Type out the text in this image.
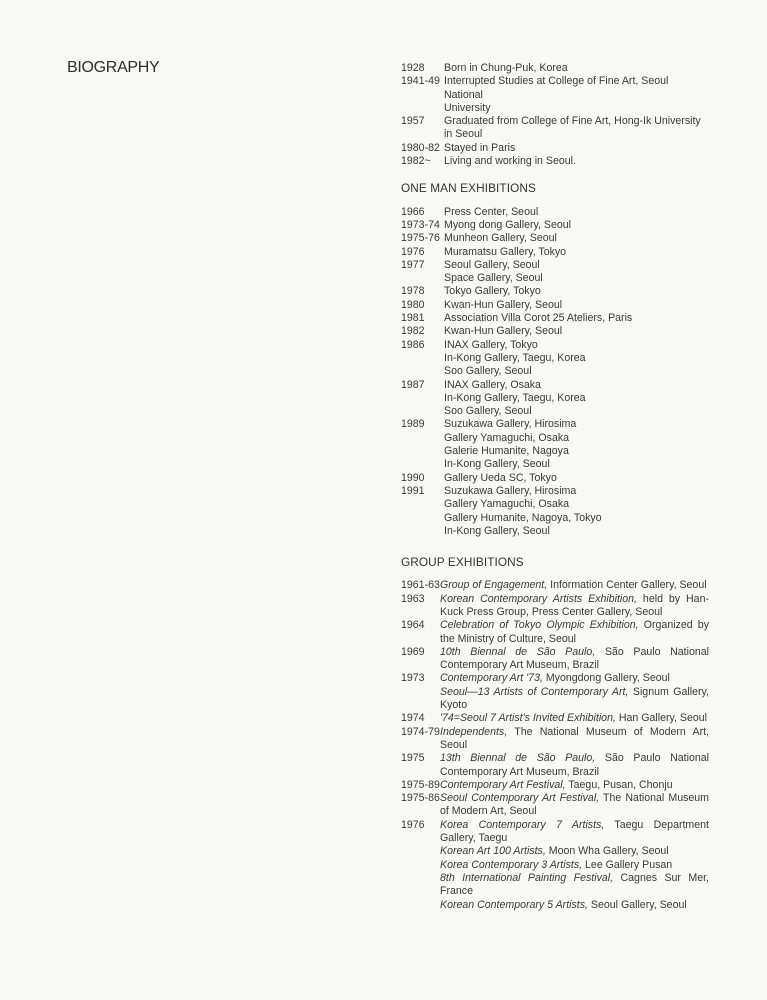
BIOGRAPHY	1928	Born in Chung-Puk, Korea
1941-49 Interrupted Studies at College of Fine Art, Seoul National
University
1957	Graduated from College of Fine Art, Hong-Ik University
in Seoul
1980-82 Stayed in Paris
1982~	Living and working in Seoul.
ONE MAN EXHIBITIONS
1966	Press Center, Seoul
1973-74 Myong dong Gallery, Seoul
1975-76 Munheon Gallery, Seoul
1976	Muramatsu Gallery, Tokyo
1977	Seoul Gallery, Seoul
Space Gallery, Seoul
1978	Tokyo Gallery, Tokyo
1980	Kwan-Hun Gallery, Seoul
1981	Association Villa Corot 25 Ateliers, Paris
1982	Kwan-Hun Gallery, Seoul
1986	INAX Gallery, Tokyo
In-Kong Gallery, Taegu, Korea
Soo Gallery, Seoul
1987	INAX Gallery, Osaka
In-Kong Gallery, Taegu, Korea
Soo Gallery, Seoul
1989	Suzukawa Gallery, Hirosima
Gallery Yamaguchi, Osaka
Galerie Humanite, Nagoya
In-Kong Gallery, Seoul
1990	Gallery Ueda SC, Tokyo
1991	Suzukawa Gallery, Hirosima
Gallery Yamaguchi, Osaka
Gallery Humanite, Nagoya, Tokyo
In-Kong Gallery, Seoul
GROUP EXHIBITIONS
1961-63 Group of Engagement, Information Center Gallery, Seoul
1963	Korean Contemporary Artists Exhibition, held by Han-Kuck Press Group, Press Center Gallery, Seoul
1964	Celebration of Tokyo Olympic Exhibition, Organized by the Ministry of Culture, Seoul
1969	10th Biennal de São Paulo, São Paulo National Contemporary Art Museum, Brazil
1973	Contemporary Art '73, Myongdong Gallery, Seoul
Seoul—13 Artists of Contemporary Art, Signum Gallery, Kyoto
1974	'74=Seoul 7 Artist's Invited Exhibition, Han Gallery, Seoul
1974-79 Independents, The National Museum of Modern Art, Seoul
1975	13th Biennal de São Paulo, São Paulo National Contemporary Art Museum, Brazil
1975-89 Contemporary Art Festival, Taegu, Pusan, Chonju
1975-86 Seoul Contemporary Art Festival, The National Museum of Modern Art, Seoul
1976	Korea Contemporary 7 Artists, Taegu Department Gallery, Taegu
Korean Art 100 Artists, Moon Wha Gallery, Seoul
Korea Contemporary 3 Artists, Lee Gallery Pusan
8th International Painting Festival, Cagnes Sur Mer, France
Korean Contemporary 5 Artists, Seoul Gallery, Seoul
